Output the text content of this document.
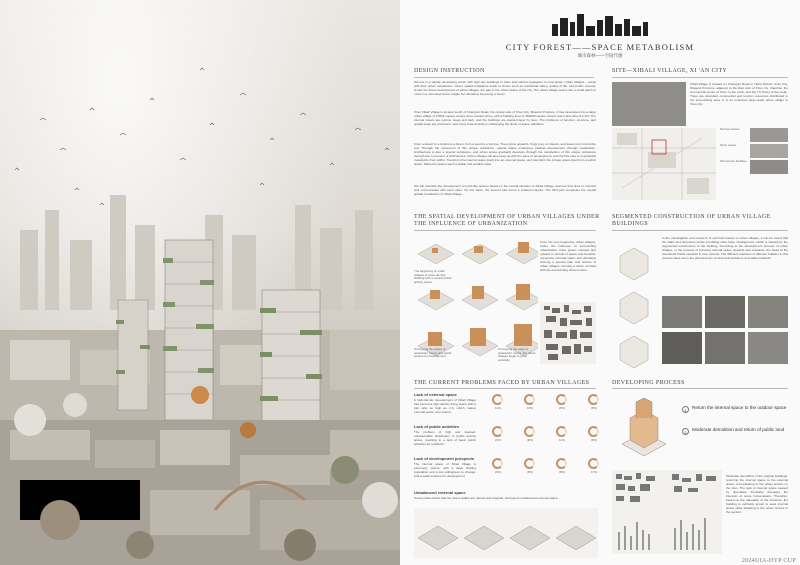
CITY FOREST——SPACE METABOLISM
城市森林——空间代谢
DESIGN INSTRUCTION
We live in a rapidly developing world, with high-rise buildings in cities and natural vegetation in rural areas. Urban villages – areas with their urban metabolism, where spatial imbalance leads to issues such as residential safety, quality of life, and public security. Under the future development of urban villages, the gap in the urban space of the city. The urban village seems like a small patch of moss in a vast steel forest, fragile but ultimately becoming a forest.
Xi'an Xibali Village is located south of Chang'an Road, the central axis of Xi'an City, Shaanxi Province. It has developed into a large urban village of 70000 square meters since ancient times, with a building area of 160000 square meters and a plot ratio of 2.3%. The internal streets are narrow, steep and dark, and the buildings are stacked layer by layer. The problems of function, structure, and spatial scale are prominent, and many brick and tile is challenging the limits of space utilization.
From a desert to a tundra to a forest, from a seed to a big tree; Trees grow upwards, frogs prey on insects, and leaves turn into fertile soil. Through the movement of this unique substance, natural space undergoes gradual development through metabolism. Architecture is also a special substance, and urban space gradually develops through the metabolism of this unique substance through the movement of architecture. Urban villages will also keep up with the pace of development, and the first step is to gradually metabolize from within. Transform the internal space (part) into an external space, and transform the private space (part) into a public space. Make the space reach a stable and suitable state.
We will prioritize the development of point-like spaces based on the overall situation of Xibali Village, and use flow lines to connect and communicate with each other. On this basis, the second part forms a scattered layout. The third part completes the overall spatial metabolism of Xibali Village.
SITE—XIBALI VILLAGE, XI 'AN CITY
Xibali Village is located on Chang'an Road in Yanta District, Xi'an City, Shaanxi Province, adjacent to the Daxi axis of Xi'an city, Xiaozhai, the commercial center of Xi'an, to the north, and the TV Tower to the south. There are abundant commercial and tourism resources distributed in the surrounding area. It is an important large-scale urban village in Xi'an city.
Narrow streets
Open space
Old service facilities
THE SPATIAL DEVELOPMENT OF URBAN VILLAGES UNDER THE INFLUENCE OF URBANIZATION
The beginning of urban villages is a low-density building with a central public activity space.
Occupying the edges of pedestrian routes and public spaces for development.
Occupying the edge of pedestrian routes, the urban villages begin to grow vertically.
From the very beginning, urban villages, under the influence of surrounding urbanization, have grown outward and upward in pursuit of space and benefits, occupying external space and ultimately forming a special plan and texture of urban villages, forming a sharp contrast with the surrounding urban texture.
SEGMENTED CONSTRUCTION OF URBAN VILLAGE BUILDINGS
In the investigation and research of self-built houses in urban villages, it can be found that the stairs and structures inside a building often have misalignment, which is caused by the segmented construction of the building. According to the development process of urban villages, in the process of pursuing internal space upwards and outwards, the head of the household builds upwards in time periods. The different practices of different builders in this process have led to the phenomenon of structural problems and safety hazards.
THE CURRENT PROBLEMS FACED BY URBAN VILLAGES
Lack of external space
A high-density development of Xibali Village has formed a high-density living space with a plot ratio as high as 2.3, which makes external space very scarce.
Lack of public activities
The problem of high and stacked, unreasonable distribution of public activity space, resulting in a lack of basic public activities for residents.
Lack of development prospects
The internal space of Xibali Village is extremely scarce, with a large floating population and a low willingness to change, and a weak impetus for development.
Unbalanced external space
Survey data shows that the street widths are narrow and irregular, forming an unbalanced external space.
12%	18%	26%	35%
21%	40%	14%	30%
22%	45%	38%	17%
DEVELOPING PROCESS
1
Return the internal space to the outdoor space
2
Moderate demolition and return of public land
Moderate demolition of the original buildings, returning the internal space to the external space, and adapting to the urban texture on the plan. The lack of internal space caused by demolition inevitably damages the interests of some homeowners. Therefore, based on the rationality of the structure, the building is vertically grown to seek internal space while adapting to the urban texture in the section.
2024UIA-HYP CUP
